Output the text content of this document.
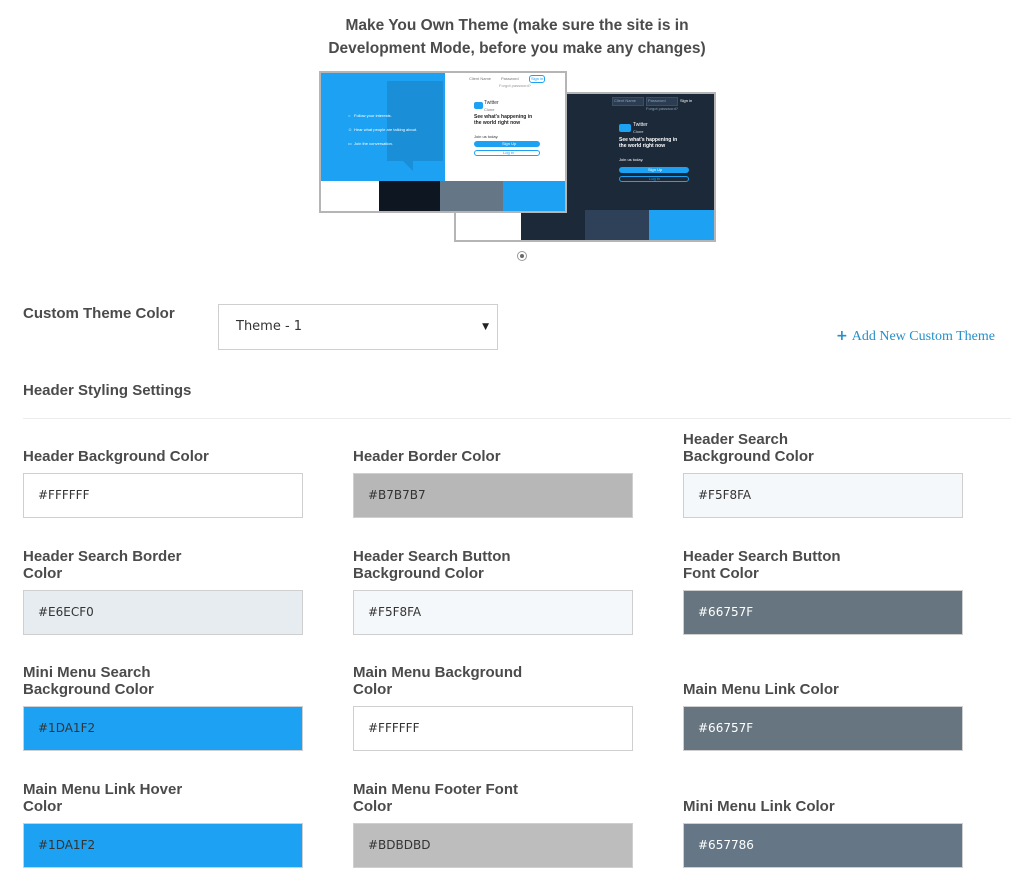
Make You Own Theme (make sure the site is in
Development Mode, before you make any changes)
Client Name	Password	Sign in
Forgot password?
Twitter
Clone
See what's happening in
the world right now
Join us today.
Sign Up
Log in
○ Follow your interests.
☺ Hear what people are talking about.
▭ Join the conversation.
Client Name Password	Sign in
Forgot password?
Twitter
Clone
See what's happening in
the world right now
Join us today.
Sign Up
Log in
Custom Theme Color
Theme - 1	▼
+ Add New Custom Theme
Header Styling Settings
Header Background Color
#FFFFFF
Header Border Color
#B7B7B7
Header Search
Background Color
#F5F8FA
Header Search Border
Color
#E6ECF0
Header Search Button
Background Color
#F5F8FA
Header Search Button
Font Color
#66757F
Mini Menu Search
Background Color
#1DA1F2
Main Menu Background
Color
#FFFFFF
Main Menu Link Color
#66757F
Main Menu Link Hover
Color
#1DA1F2
Main Menu Footer Font
Color
#BDBDBD
Mini Menu Link Color
#657786
